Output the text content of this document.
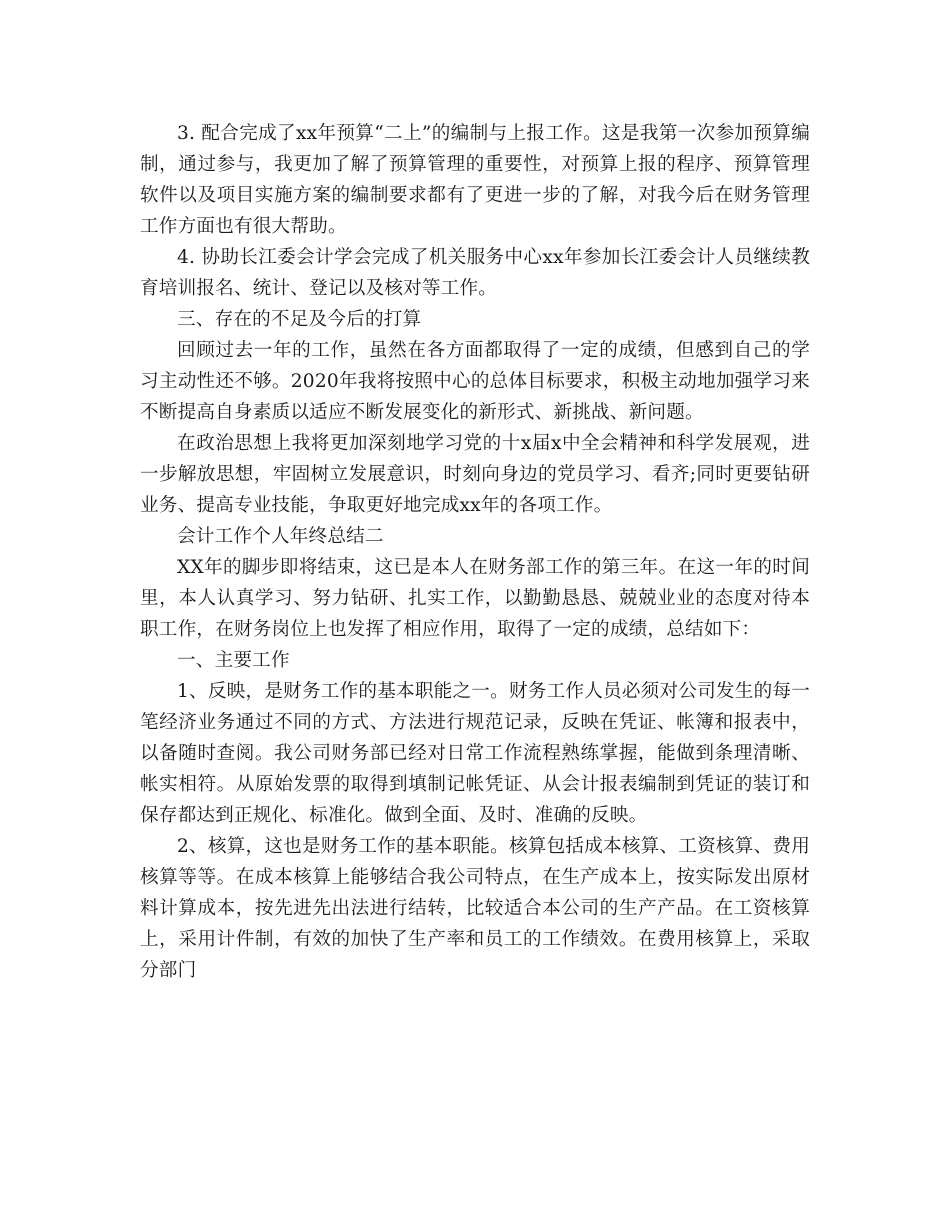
3. 配合完成了xx年预算“二上”的编制与上报工作。这是我第一次参加预算编制，通过参与，我更加了解了预算管理的重要性，对预算上报的程序、预算管理软件以及项目实施方案的编制要求都有了更进一步的了解，对我今后在财务管理工作方面也有很大帮助。

4. 协助长江委会计学会完成了机关服务中心xx年参加长江委会计人员继续教育培训报名、统计、登记以及核对等工作。

三、存在的不足及今后的打算

回顾过去一年的工作，虽然在各方面都取得了一定的成绩，但感到自己的学习主动性还不够。2020年我将按照中心的总体目标要求，积极主动地加强学习来不断提高自身素质以适应不断发展变化的新形式、新挑战、新问题。

在政治思想上我将更加深刻地学习党的十x届x中全会精神和科学发展观，进一步解放思想，牢固树立发展意识，时刻向身边的党员学习、看齐;同时更要钻研业务、提高专业技能，争取更好地完成xx年的各项工作。

会计工作个人年终总结二

XX年的脚步即将结束，这已是本人在财务部工作的第三年。在这一年的时间里，本人认真学习、努力钻研、扎实工作，以勤勤恳恳、兢兢业业的态度对待本职工作，在财务岗位上也发挥了相应作用，取得了一定的成绩，总结如下：

一、主要工作

1、反映，是财务工作的基本职能之一。财务工作人员必须对公司发生的每一笔经济业务通过不同的方式、方法进行规范记录，反映在凭证、帐簿和报表中，以备随时查阅。我公司财务部已经对日常工作流程熟练掌握，能做到条理清晰、帐实相符。从原始发票的取得到填制记帐凭证、从会计报表编制到凭证的装订和保存都达到正规化、标准化。做到全面、及时、准确的反映。

2、核算，这也是财务工作的基本职能。核算包括成本核算、工资核算、费用核算等等。在成本核算上能够结合我公司特点，在生产成本上，按实际发出原材料计算成本，按先进先出法进行结转，比较适合本公司的生产产品。在工资核算上，采用计件制，有效的加快了生产率和员工的工作绩效。在费用核算上，采取分部门
